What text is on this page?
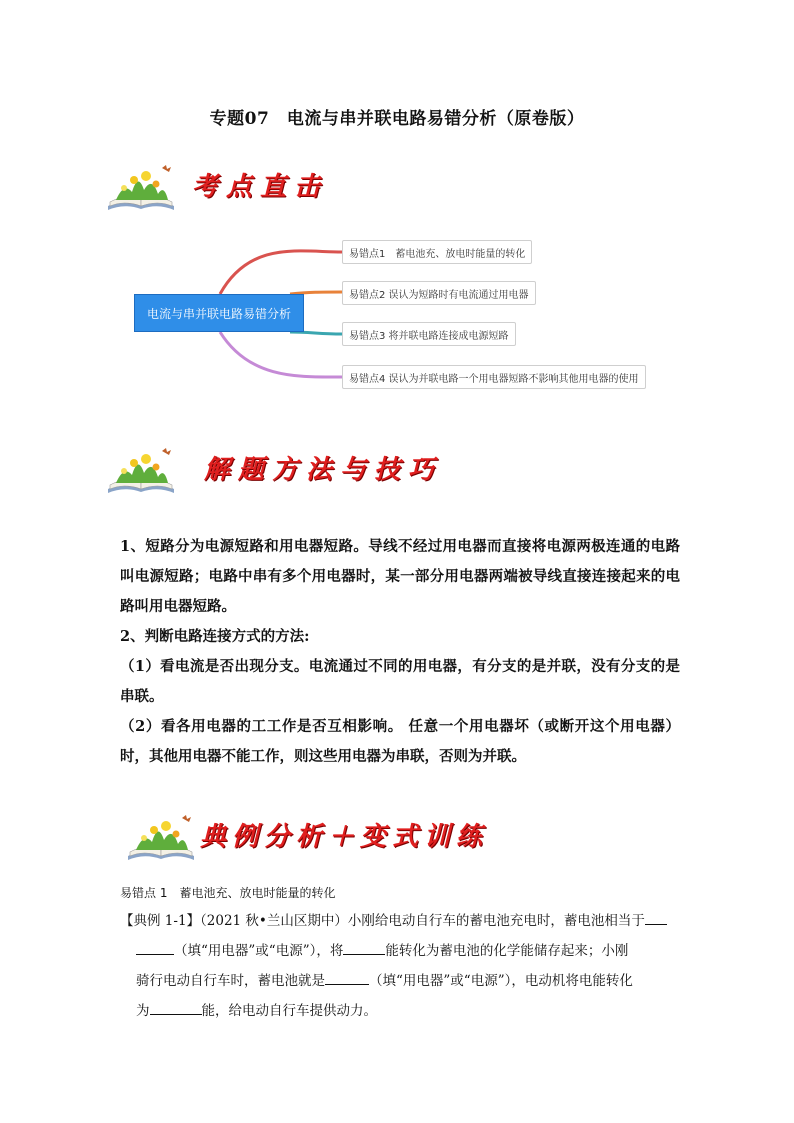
专题07　电流与串并联电路易错分析（原卷版）
考点直击
电流与串并联电路易错分析
易错点1　蓄电池充、放电时能量的转化
易错点2 误认为短路时有电流通过用电器
易错点3 将并联电路连接成电源短路
易错点4 误认为并联电路一个用电器短路不影响其他用电器的使用
解题方法与技巧

1、短路分为电源短路和用电器短路。导线不经过用电器而直接将电源两极连通的电路叫电源短路；电路中串有多个用电器时，某一部分用电器两端被导线直接连接起来的电路叫用电器短路。

2、判断电路连接方式的方法:

（1）看电流是否出现分支。电流通过不同的用电器，有分支的是并联，没有分支的是串联。

（2）看各用电器的工工作是否互相影响。 任意一个用电器坏（或断开这个用电器）时，其他用电器不能工作，则这些用电器为串联，否则为并联。

典例分析＋变式训练
易错点 1　蓄电池充、放电时能量的转化

【典例 1-1】（2021 秋•兰山区期中）小刚给电动自行车的蓄电池充电时，蓄电池相当于

（填“用电器”或“电源”），将	能转化为蓄电池的化学能储存起来；小刚

骑行电动自行车时，蓄电池就是	（填“用电器”或“电源”），电动机将电能转化

为	能，给电动自行车提供动力。
